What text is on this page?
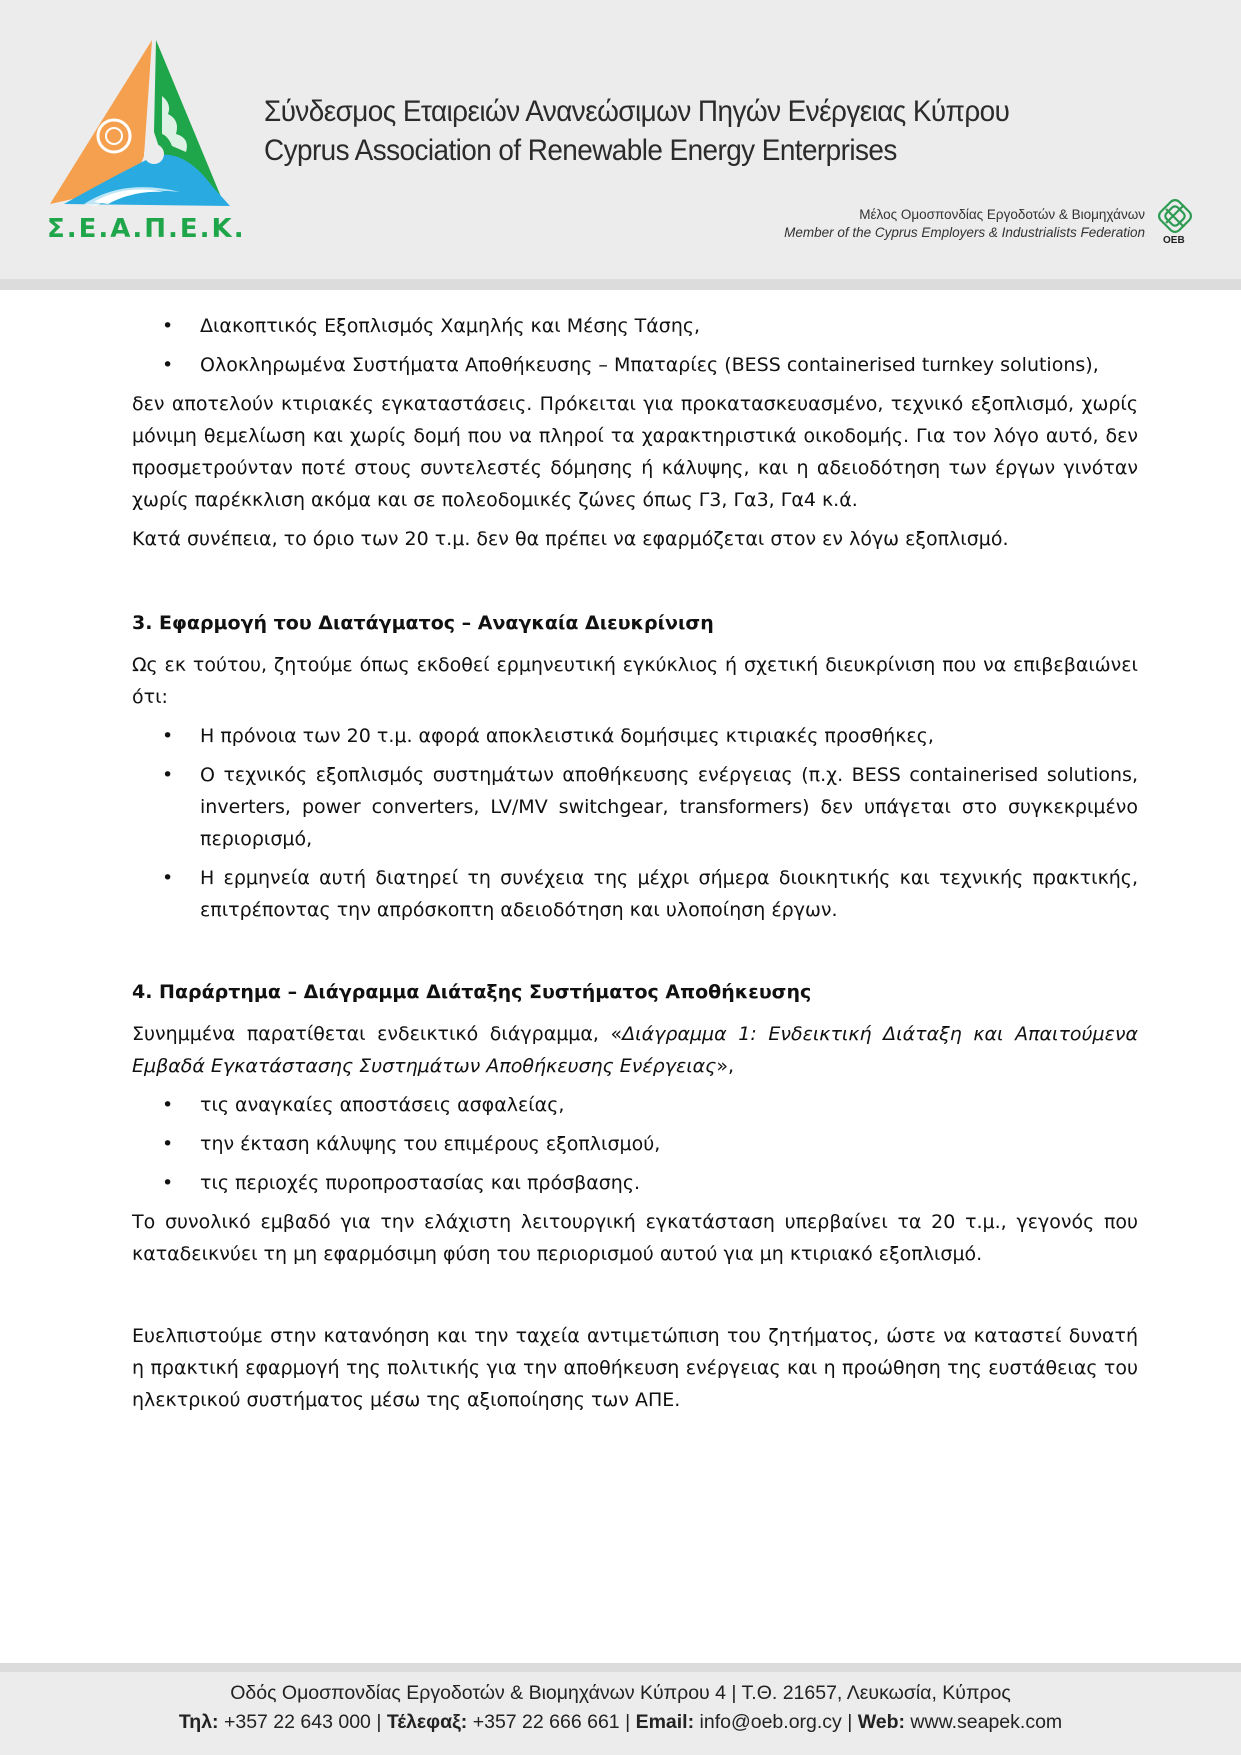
Σ.Ε.Α.Π.Ε.Κ.
Σύνδεσμος Εταιρειών Ανανεώσιμων Πηγών Ενέργειας Κύπρου
Cyprus Association of Renewable Energy Enterprises
Μέλος Ομοσπονδίας Εργοδοτών & Βιομηχάνων
Member of the Cyprus Employers & Industrialists Federation
OEB
• Διακοπτικός Εξοπλισμός Χαμηλής και Μέσης Τάσης,
• Ολοκληρωμένα Συστήματα Αποθήκευσης – Μπαταρίες (BESS containerised turnkey solutions),

δεν αποτελούν κτιριακές εγκαταστάσεις. Πρόκειται για προκατασκευασμένο, τεχνικό εξοπλισμό, χωρίς μόνιμη θεμελίωση και χωρίς δομή που να πληροί τα χαρακτηριστικά οικοδομής. Για τον λόγο αυτό, δεν προσμετρούνταν ποτέ στους συντελεστές δόμησης ή κάλυψης, και η αδειοδότηση των έργων γινόταν χωρίς παρέκκλιση ακόμα και σε πολεοδομικές ζώνες όπως Γ3, Γα3, Γα4 κ.ά.

Κατά συνέπεια, το όριο των 20 τ.μ. δεν θα πρέπει να εφαρμόζεται στον εν λόγω εξοπλισμό.

3. Εφαρμογή του Διατάγματος – Αναγκαία Διευκρίνιση

Ως εκ τούτου, ζητούμε όπως εκδοθεί ερμηνευτική εγκύκλιος ή σχετική διευκρίνιση που να επιβεβαιώνει ότι:

• Η πρόνοια των 20 τ.μ. αφορά αποκλειστικά δομήσιμες κτιριακές προσθήκες,
• Ο τεχνικός εξοπλισμός συστημάτων αποθήκευσης ενέργειας (π.χ. BESS containerised solutions, inverters, power converters, LV/MV switchgear, transformers) δεν υπάγεται στο συγκεκριμένο περιορισμό,
• Η ερμηνεία αυτή διατηρεί τη συνέχεια της μέχρι σήμερα διοικητικής και τεχνικής πρακτικής, επιτρέποντας την απρόσκοπτη αδειοδότηση και υλοποίηση έργων.
4. Παράρτημα – Διάγραμμα Διάταξης Συστήματος Αποθήκευσης

Συνημμένα παρατίθεται ενδεικτικό διάγραμμα, «Διάγραμμα 1: Ενδεικτική Διάταξη και Απαιτούμενα Εμβαδά Εγκατάστασης Συστημάτων Αποθήκευσης Ενέργειας»,

• τις αναγκαίες αποστάσεις ασφαλείας,
• την έκταση κάλυψης του επιμέρους εξοπλισμού,
• τις περιοχές πυροπροστασίας και πρόσβασης.

Το συνολικό εμβαδό για την ελάχιστη λειτουργική εγκατάσταση υπερβαίνει τα 20 τ.μ., γεγονός που καταδεικνύει τη μη εφαρμόσιμη φύση του περιορισμού αυτού για μη κτιριακό εξοπλισμό.

Ευελπιστούμε στην κατανόηση και την ταχεία αντιμετώπιση του ζητήματος, ώστε να καταστεί δυνατή η πρακτική εφαρμογή της πολιτικής για την αποθήκευση ενέργειας και η προώθηση της ευστάθειας του ηλεκτρικού συστήματος μέσω της αξιοποίησης των ΑΠΕ.

Οδός Ομοσπονδίας Εργοδοτών & Βιομηχάνων Κύπρου 4 | Τ.Θ. 21657, Λευκωσία, Κύπρος
Τηλ: +357 22 643 000 | Τέλεφαξ: +357 22 666 661 | Email: info@oeb.org.cy | Web: www.seapek.com
